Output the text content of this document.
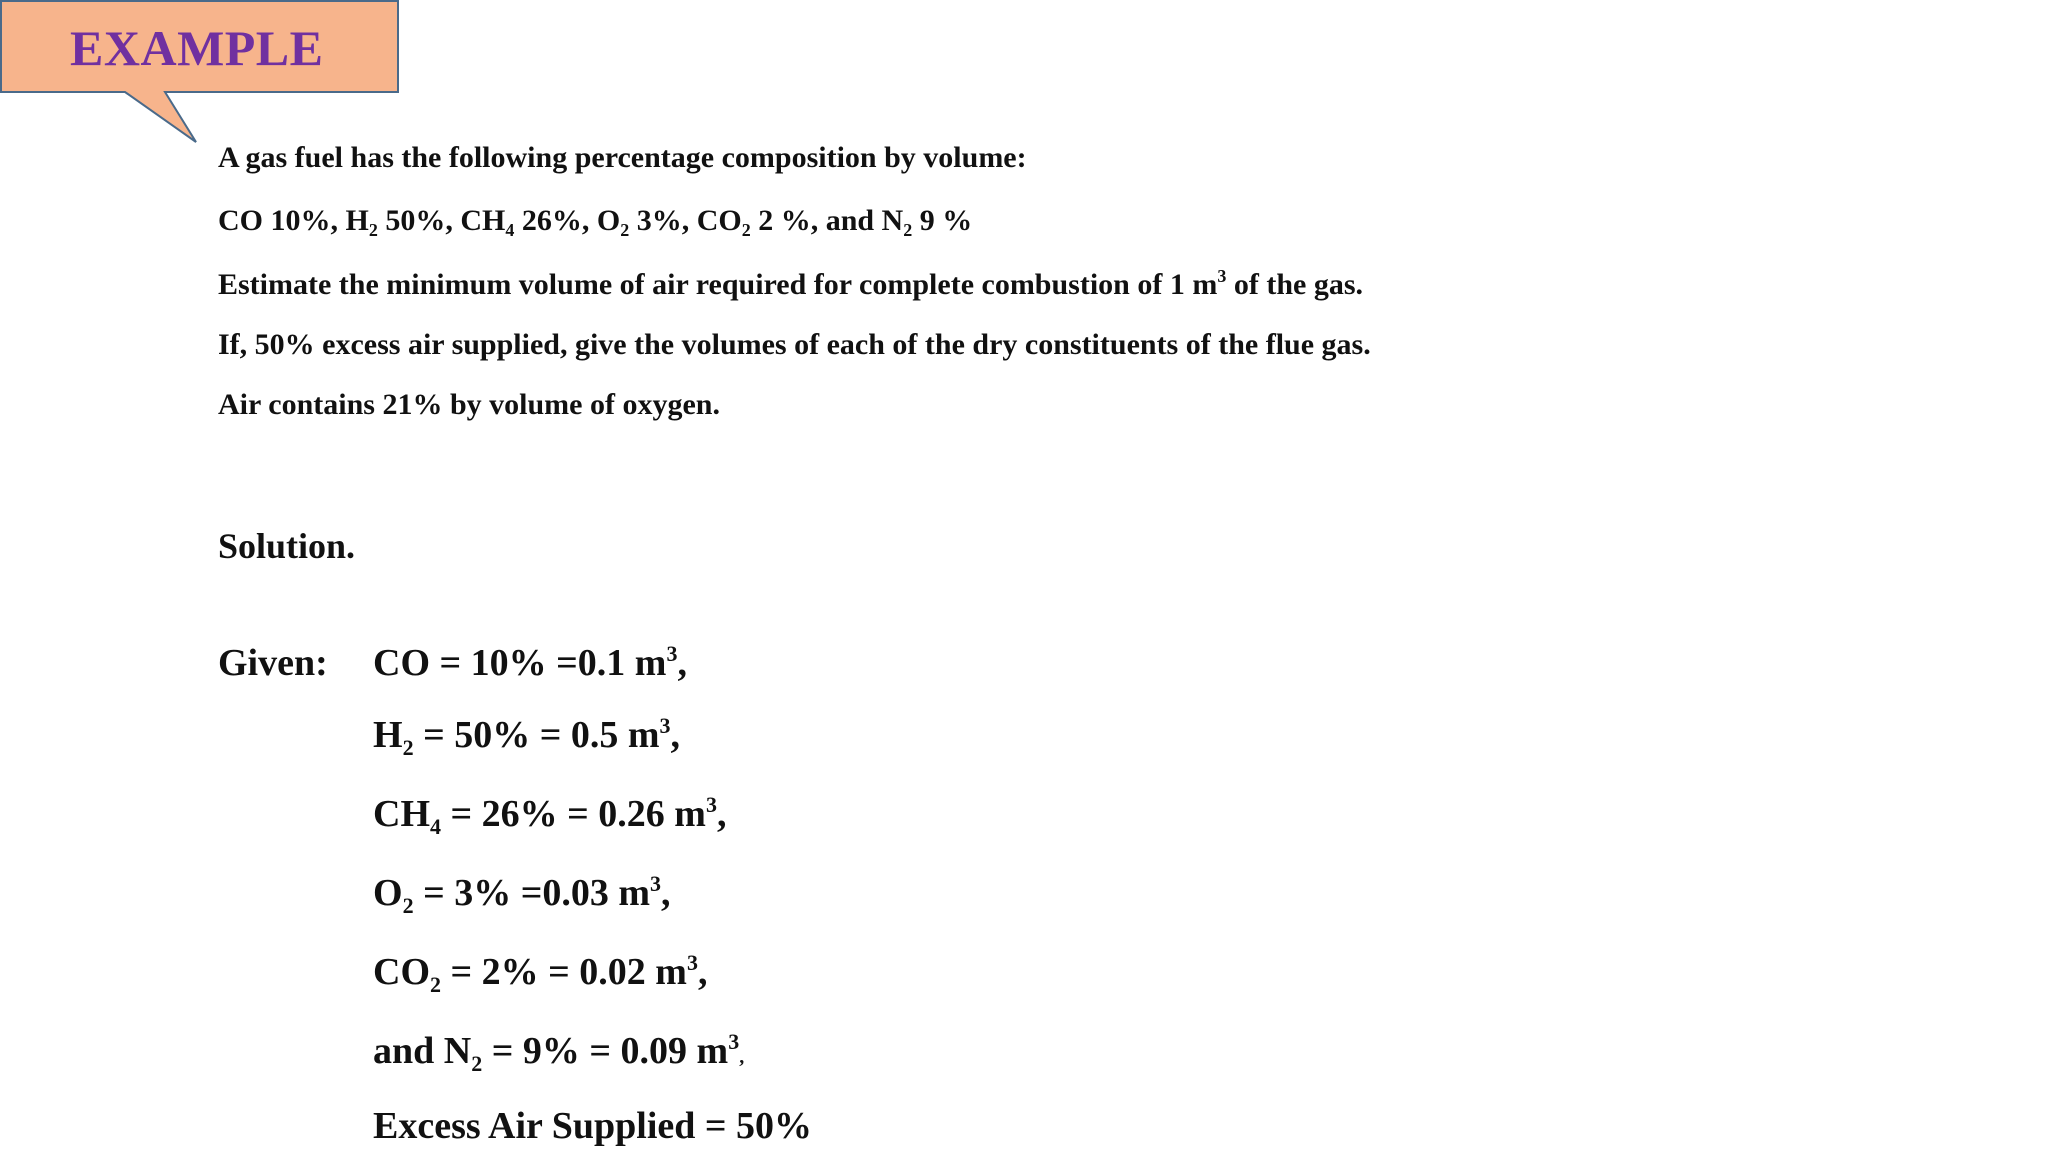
EXAMPLE
A gas fuel has the following percentage composition by volume:
CO 10%, $H_2$ 50%, $CH_4$ 26%, $O_2$ 3%, $CO_2$ 2 %, and $N_2$ 9 %
Estimate the minimum volume of air required for complete combustion of 1 $m^3$ of the gas.
If, 50% excess air supplied, give the volumes of each of the dry constituents of the flue gas.
Air contains 21% by volume of oxygen.
Solution.
Given: CO = 10% =0.1 $m^3$,
$H_2 = 50\% = 0.5$ $m^3$,
$CH_4 = 26\% = 0.26$ $m^3$,
$O_2 = 3\% =0.03$ $m^3$,
$CO_2 = 2\% = 0.02$ $m^3$,
and $N_2 = 9\% = 0.09$ $m^3$,
Excess Air Supplied = 50%
